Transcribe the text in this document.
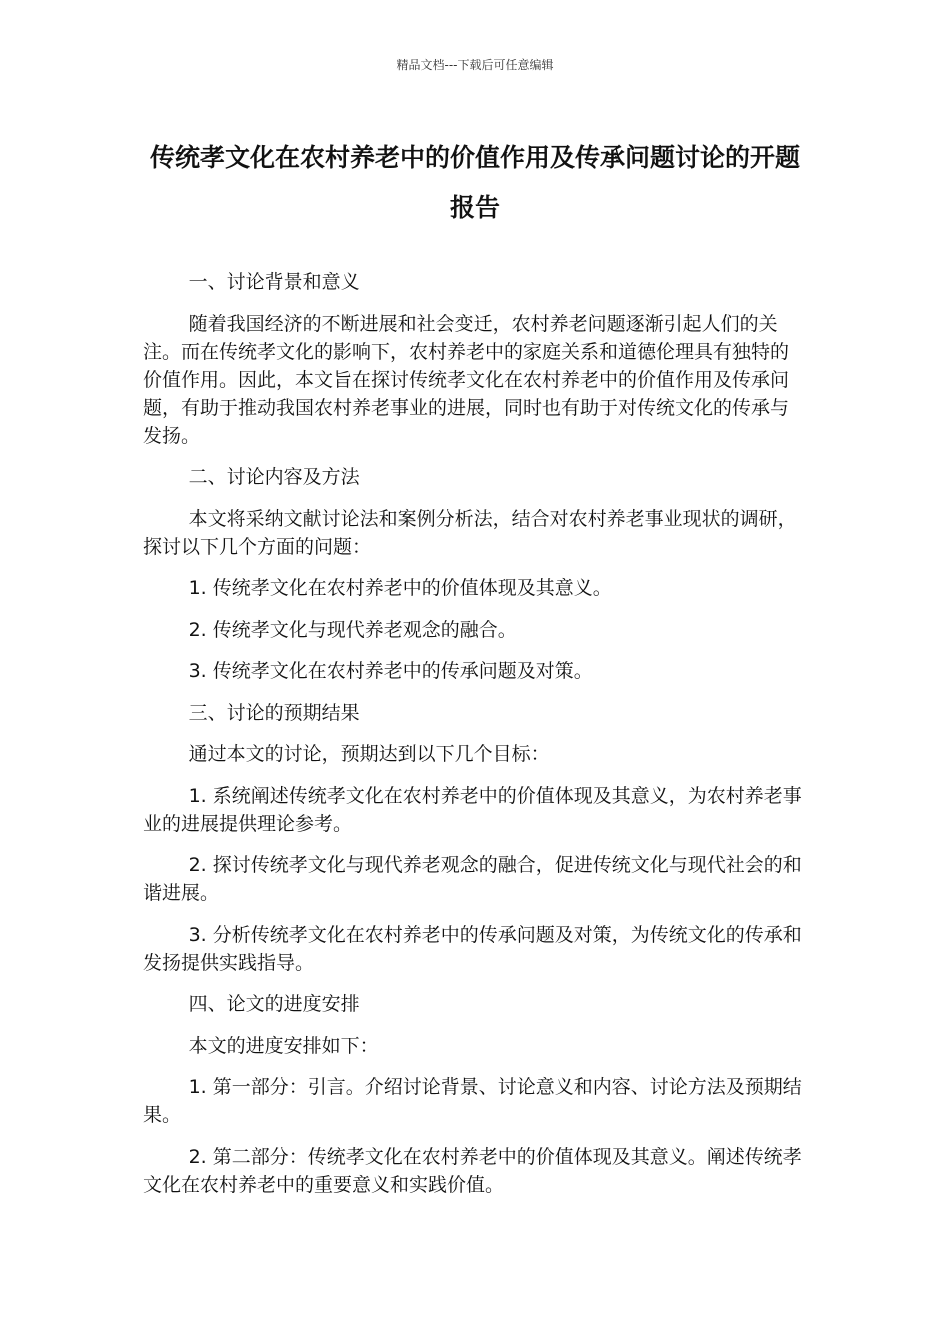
精品文档---下载后可任意编辑
传统孝文化在农村养老中的价值作用及传承问题讨论的开题报告

一、讨论背景和意义

随着我国经济的不断进展和社会变迁，农村养老问题逐渐引起人们的关注。而在传统孝文化的影响下，农村养老中的家庭关系和道德伦理具有独特的价值作用。因此，本文旨在探讨传统孝文化在农村养老中的价值作用及传承问题，有助于推动我国农村养老事业的进展，同时也有助于对传统文化的传承与发扬。

二、讨论内容及方法

本文将采纳文献讨论法和案例分析法，结合对农村养老事业现状的调研，探讨以下几个方面的问题：

1. 传统孝文化在农村养老中的价值体现及其意义。

2. 传统孝文化与现代养老观念的融合。

3. 传统孝文化在农村养老中的传承问题及对策。

三、讨论的预期结果

通过本文的讨论，预期达到以下几个目标：

1. 系统阐述传统孝文化在农村养老中的价值体现及其意义，为农村养老事业的进展提供理论参考。

2. 探讨传统孝文化与现代养老观念的融合，促进传统文化与现代社会的和谐进展。

3. 分析传统孝文化在农村养老中的传承问题及对策，为传统文化的传承和发扬提供实践指导。

四、论文的进度安排

本文的进度安排如下：

1. 第一部分：引言。介绍讨论背景、讨论意义和内容、讨论方法及预期结果。

2. 第二部分：传统孝文化在农村养老中的价值体现及其意义。阐述传统孝文化在农村养老中的重要意义和实践价值。
